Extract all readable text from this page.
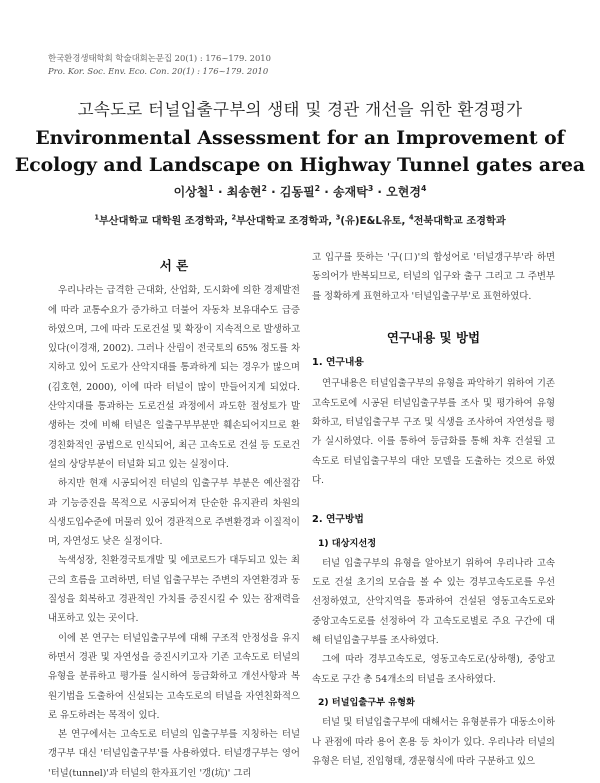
한국환경생태학회 학술대회논문집 20(1) : 176~179. 2010
Pro. Kor. Soc. Env. Eco. Con. 20(1) : 176~179. 2010
고속도로 터널입출구부의 생태 및 경관 개선을 위한 환경평가
Environmental Assessment for an Improvement of Ecology and Landscape on Highway Tunnel gates area
이상철$^1$ · 최송현$^2$ · 김동필$^2$ · 송재탁$^3$ · 오현경$^4$
$^1$부산대학교 대학원 조경학과, $^2$부산대학교 조경학과, $^3$(유)E&L유토, $^4$전북대학교 조경학과
서 론

우리나라는 급격한 근대화, 산업화, 도시화에 의한 경제발전에 따라 교통수요가 증가하고 더불어 자동차 보유대수도 급증하였으며, 그에 따라 도로건설 및 확장이 지속적으로 발생하고 있다(이경재, 2002). 그러나 산림이 전국토의 65% 정도를 차지하고 있어 도로가 산악지대를 통과하게 되는 경우가 많으며(김호현, 2000), 이에 따라 터널이 많이 만들어지게 되었다. 산악지대를 통과하는 도로건설 과정에서 과도한 절성토가 발생하는 것에 비해 터널은 일출구부부분만 훼손되어지므로 환경친화적인 공법으로 인식되어, 최근 고속도로 건설 등 도로건설의 상당부분이 터널화 되고 있는 실정이다.

하지만 현재 시공되어진 터널의 입출구부 부분은 예산절감과 기능증진을 목적으로 시공되어져 단순한 유지관리 차원의 식생도입수준에 머물러 있어 경관적으로 주변환경과 이질적이며, 자연성도 낮은 실정이다.

녹색성장, 친환경국토개발 및 에코로드가 대두되고 있는 최근의 흐름을 고려하면, 터널 입출구부는 주변의 자연환경과 동질성을 회복하고 경관적인 가치를 증진시킬 수 있는 잠재력을 내포하고 있는 곳이다.

이에 본 연구는 터널입출구부에 대해 구조적 안정성을 유지하면서 경관 및 자연성을 증진시키고자 기존 고속도로 터널의 유형을 분류하고 평가를 실시하여 등급화하고 개선사항과 복원기법을 도출하여 신설되는 고속도로의 터널을 자연친화적으로 유도하려는 목적이 있다.

본 연구에서는 고속도로 터널의 입출구부를 지칭하는 터널갱구부 대신 '터널입출구부'를 사용하였다. 터널갱구부는 영어 '터널(tunnel)'과 터널의 한자표기인 '갱(坑)' 그리

고 입구를 뜻하는 '구(口)'의 합성어로 '터널갱구부'라 하면 동의어가 반복되므로, 터널의 입구와 출구 그리고 그 주변부를 정확하게 표현하고자 '터널입출구부'로 표현하였다.

연구내용 및 방법
1. 연구내용

연구내용은 터널입출구부의 유형을 파악하기 위하여 기존 고속도로에 시공된 터널입출구부를 조사 및 평가하여 유형화하고, 터널입출구부 구조 및 식생을 조사하여 자연성을 평가 실시하였다. 이를 통하여 등급화를 통해 차후 건설될 고속도로 터널입출구부의 대안 모델을 도출하는 것으로 하였다.

2. 연구방법
1) 대상지선정

터널 입출구부의 유형을 알아보기 위하여 우리나라 고속도로 건설 초기의 모습을 볼 수 있는 경부고속도로를 우선 선정하였고, 산악지역을 통과하여 건설된 영동고속도로와 중앙고속도로를 선정하여 각 고속도로별로 주요 구간에 대해 터널입출구부를 조사하였다.

그에 따라 경부고속도로, 영동고속도로(상하행), 중앙고속도로 구간 총 54개소의 터널을 조사하였다.

2) 터널입출구부 유형화

터널 및 터널입출구부에 대해서는 유형분류가 대동소이하나 관점에 따라 용어 혼용 등 차이가 있다. 우리나라 터널의 유형은 터널, 진입형태, 갱문형식에 따라 구분하고 있으
